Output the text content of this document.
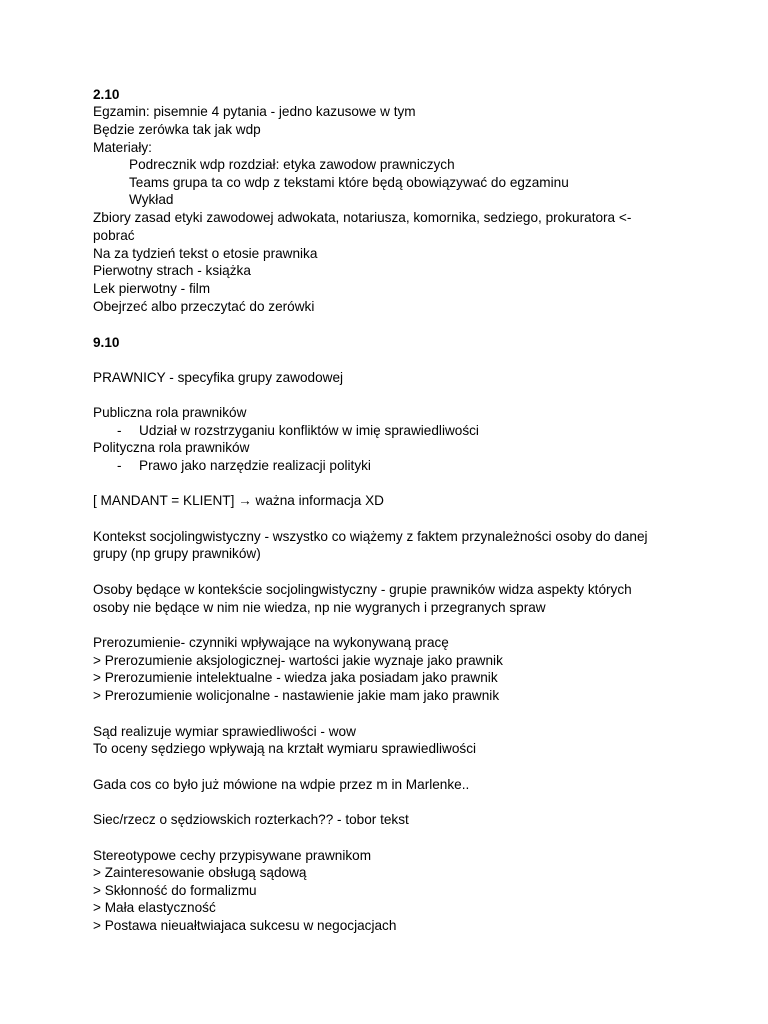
2.10
Egzamin: pisemnie 4 pytania - jedno kazusowe w tym
Będzie zerówka tak jak wdp
Materiały:
Podrecznik wdp rozdział: etyka zawodow prawniczych
Teams grupa ta co wdp z tekstami które będą obowiązywać do egzaminu
Wykład
Zbiory zasad etyki zawodowej adwokata, notariusza, komornika, sedziego, prokuratora <-
pobrać
Na za tydzień tekst o etosie prawnika
Pierwotny strach - książka
Lek pierwotny - film
Obejrzeć albo przeczytać do zerówki
9.10
PRAWNICY - specyfika grupy zawodowej
Publiczna rola prawników
- Udział w rozstrzyganiu konfliktów w imię sprawiedliwości
Polityczna rola prawników
- Prawo jako narzędzie realizacji polityki
[ MANDANT = KLIENT] → ważna informacja XD
Kontekst socjolingwistyczny - wszystko co wiążemy z faktem przynależności osoby do danej
grupy (np grupy prawników)
Osoby będące w kontekście socjolingwistyczny - grupie prawników widza aspekty których
osoby nie będące w nim nie wiedza, np nie wygranych i przegranych spraw
Prerozumienie- czynniki wpływające na wykonywaną pracę
> Prerozumienie aksjologicznej- wartości jakie wyznaje jako prawnik
> Prerozumienie intelektualne - wiedza jaka posiadam jako prawnik
> Prerozumienie wolicjonalne - nastawienie jakie mam jako prawnik
Sąd realizuje wymiar sprawiedliwości - wow
To oceny sędziego wpływają na krztałt wymiaru sprawiedliwości
Gada cos co było już mówione na wdpie przez m in Marlenke..
Siec/rzecz o sędziowskich rozterkach?? - tobor tekst
Stereotypowe cechy przypisywane prawnikom
> Zainteresowanie obsługą sądową
> Skłonność do formalizmu
> Mała elastyczność
> Postawa nieuałtwiajaca sukcesu w negocjacjach
